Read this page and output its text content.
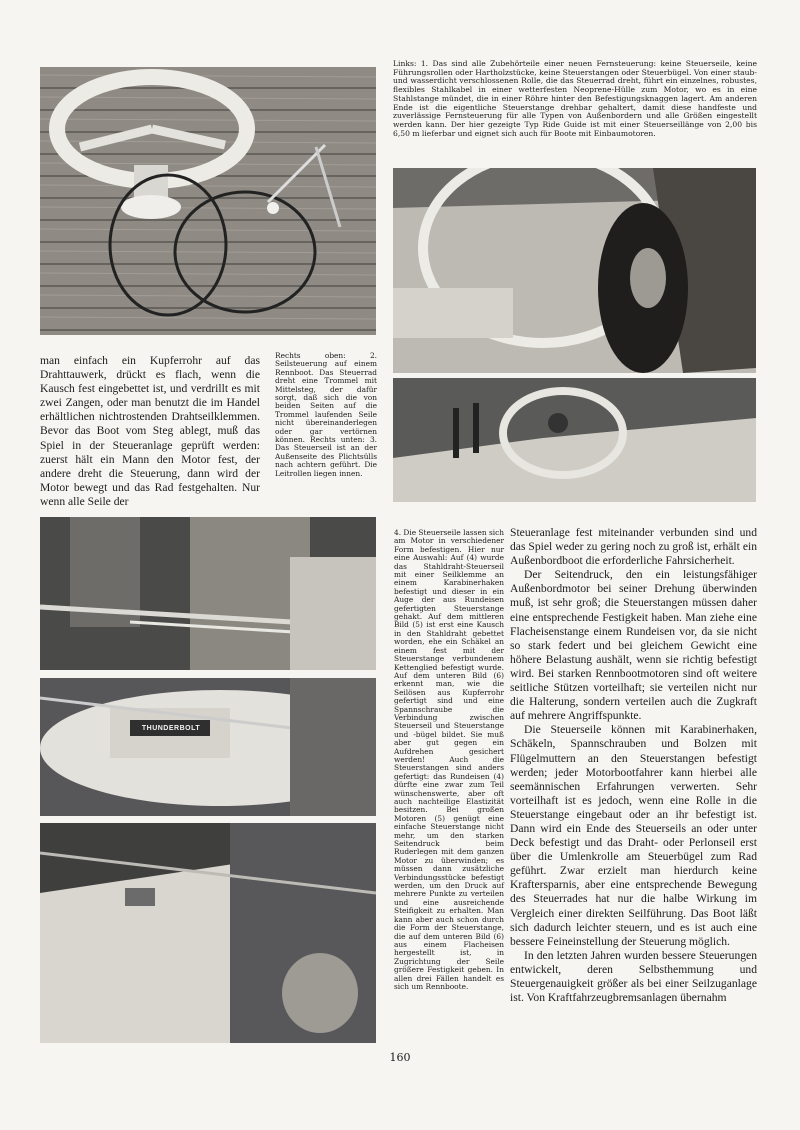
Links: 1. Das sind alle Zubehörteile einer neuen Fernsteuerung: keine Steuerseile, keine Führungsrollen oder Hartholzstücke, keine Steuerstangen oder Steuerbügel. Von einer staub- und wasserdicht verschlossenen Rolle, die das Steuerrad dreht, führt ein einzelnes, robustes, flexibles Stahlkabel in einer wetterfesten Neoprene-Hülle zum Motor, wo es in eine Stahlstange mündet, die in einer Röhre hinter den Befestigungsknaggen lagert. Am anderen Ende ist die eigentliche Steuerstange drehbar gehaltert, damit diese handfeste und zuverlässige Fernsteuerung für alle Typen von Außenbordern und alle Größen eingestellt werden kann. Der hier gezeigte Typ Ride Guide ist mit einer Steuerseillänge von 2,00 bis 6,50 m lieferbar und eignet sich auch für Boote mit Einbaumotoren.
man einfach ein Kupferrohr auf das Drahttauwerk, drückt es flach, wenn die Kausch fest eingebettet ist, und verdrillt es mit zwei Zangen, oder man benutzt die im Handel erhältlichen nichtrostenden Drahtseilklemmen. Bevor das Boot vom Steg ablegt, muß das Spiel in der Steueranlage geprüft werden: zuerst hält ein Mann den Motor fest, der andere dreht die Steuerung, dann wird der Motor bewegt und das Rad festgehalten. Nur wenn alle Seile der
Rechts oben: 2. Seilsteuerung auf einem Rennboot. Das Steuerrad dreht eine Trommel mit Mittelsteg, der dafür sorgt, daß sich die von beiden Seiten auf die Trommel laufenden Seile nicht übereinanderlegen oder gar vertörnen können. Rechts unten: 3. Das Steuerseil ist an der Außenseite des Plichtsülls nach achtern geführt. Die Leitrollen liegen innen.
THUNDERBOLT
4. Die Steuerseile lassen sich am Motor in verschiedener Form befestigen. Hier nur eine Auswahl: Auf (4) wurde das Stahldraht-Steuerseil mit einer Seilklemme an einem Karabinerhaken befestigt und dieser in ein Auge der aus Rundeisen gefertigten Steuerstange gehakt. Auf dem mittleren Bild (5) ist erst eine Kausch in den Stahldraht gebettet worden, ehe ein Schäkel an einem fest mit der Steuerstange verbundenem Kettenglied befestigt wurde. Auf dem unteren Bild (6) erkennt man, wie die Seilösen aus Kupferrohr gefertigt sind und eine Spannschraube die Verbindung zwischen Steuerseil und Steuerstange und -bügel bildet. Sie muß aber gut gegen ein Aufdrehen gesichert werden! Auch die Steuerstangen sind anders gefertigt: das Rundeisen (4) dürfte eine zwar zum Teil wünschenswerte, aber oft auch nachteilige Elastizität besitzen. Bei großen Motoren (5) genügt eine einfache Steuerstange nicht mehr, um den starken Seitendruck beim Ruderlegen mit dem ganzen Motor zu überwinden; es müssen dann zusätzliche Verbindungsstücke befestigt werden, um den Druck auf mehrere Punkte zu verteilen und eine ausreichende Steifigkeit zu erhalten. Man kann aber auch schon durch die Form der Steuerstange, die auf dem unteren Bild (6) aus einem Flacheisen hergestellt ist, in Zugrichtung der Seile größere Festigkeit geben. In allen drei Fällen handelt es sich um Rennboote.

Steueranlage fest miteinander verbunden sind und das Spiel weder zu gering noch zu groß ist, erhält ein Außenbordboot die erforderliche Fahrsicherheit.

Der Seitendruck, den ein leistungsfähiger Außenbordmotor bei seiner Drehung überwinden muß, ist sehr groß; die Steuerstangen müssen daher eine entsprechende Festigkeit haben. Man ziehe eine Flacheisenstange einem Rundeisen vor, da sie nicht so stark federt und bei gleichem Gewicht eine höhere Belastung aushält, wenn sie richtig befestigt wird. Bei starken Rennbootmotoren sind oft weitere seitliche Stützen vorteilhaft; sie verteilen nicht nur die Halterung, sondern verteilen auch die Zugkraft auf mehrere Angriffspunkte.

Die Steuerseile können mit Karabinerhaken, Schäkeln, Spannschrauben und Bolzen mit Flügelmuttern an den Steuerstangen befestigt werden; jeder Motorbootfahrer kann hierbei alle seemännischen Erfahrungen verwerten. Sehr vorteilhaft ist es jedoch, wenn eine Rolle in die Steuerstange eingebaut oder an ihr befestigt ist. Dann wird ein Ende des Steuerseils an oder unter Deck befestigt und das Draht- oder Perlonseil erst über die Umlenkrolle am Steuerbügel zum Rad geführt. Zwar erzielt man hierdurch keine Kraftersparnis, aber eine entsprechende Bewegung des Steuerrades hat nur die halbe Wirkung im Vergleich einer direkten Seilführung. Das Boot läßt sich dadurch leichter steuern, und es ist auch eine bessere Feineinstellung der Steuerung möglich.

In den letzten Jahren wurden bessere Steuerungen entwickelt, deren Selbsthemmung und Steuergenauigkeit größer als bei einer Seilzuganlage ist. Von Kraftfahrzeugbremsanlagen übernahm

160
